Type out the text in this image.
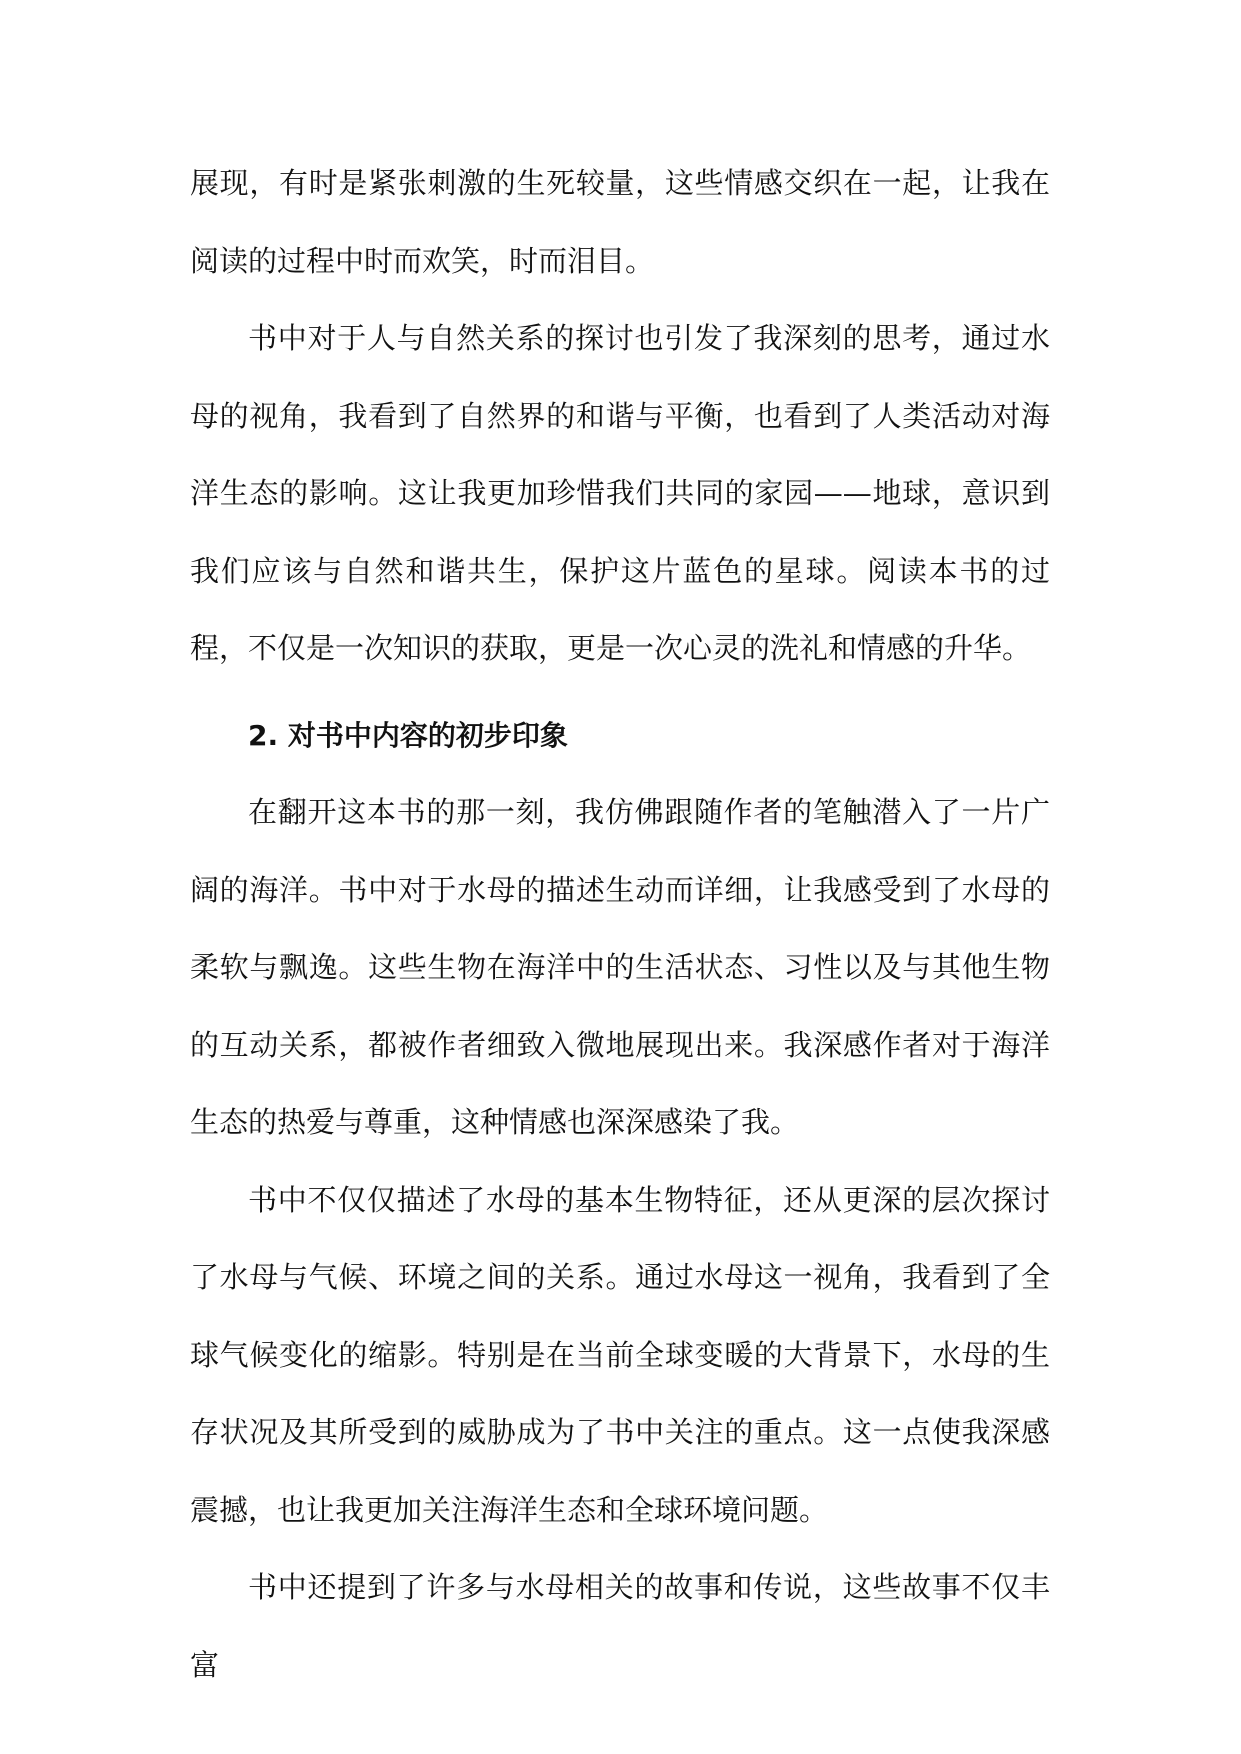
展现，有时是紧张刺激的生死较量，这些情感交织在一起，让我在阅读的过程中时而欢笑，时而泪目。

书中对于人与自然关系的探讨也引发了我深刻的思考，通过水母的视角，我看到了自然界的和谐与平衡，也看到了人类活动对海洋生态的影响。这让我更加珍惜我们共同的家园——地球，意识到我们应该与自然和谐共生，保护这片蓝色的星球。阅读本书的过程，不仅是一次知识的获取，更是一次心灵的洗礼和情感的升华。

2. 对书中内容的初步印象

在翻开这本书的那一刻，我仿佛跟随作者的笔触潜入了一片广阔的海洋。书中对于水母的描述生动而详细，让我感受到了水母的柔软与飘逸。这些生物在海洋中的生活状态、习性以及与其他生物的互动关系，都被作者细致入微地展现出来。我深感作者对于海洋生态的热爱与尊重，这种情感也深深感染了我。

书中不仅仅描述了水母的基本生物特征，还从更深的层次探讨了水母与气候、环境之间的关系。通过水母这一视角，我看到了全球气候变化的缩影。特别是在当前全球变暖的大背景下，水母的生存状况及其所受到的威胁成为了书中关注的重点。这一点使我深感震撼，也让我更加关注海洋生态和全球环境问题。

书中还提到了许多与水母相关的故事和传说，这些故事不仅丰富
